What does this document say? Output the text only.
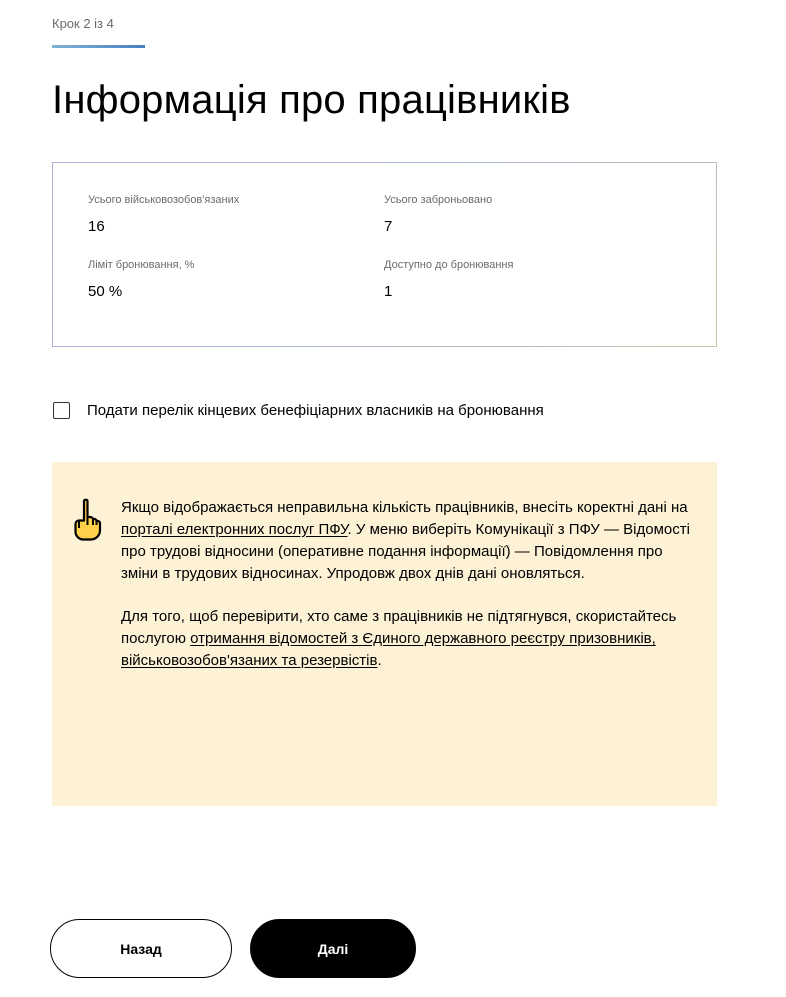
Крок 2 із 4
Інформація про працівників
Усього військовозобов'язаних
16
Усього заброньовано
7
Ліміт бронювання, %
50 %
Доступно до бронювання
1
Подати перелік кінцевих бенефіціарних власників на бронювання

Якщо відображається неправильна кількість працівників, внесіть коректні дані на порталі електронних послуг ПФУ. У меню виберіть Комунікації з ПФУ — Відомості про трудові відносини (оперативне подання інформації) — Повідомлення про зміни в трудових відносинах. Упродовж двох днів дані оновляться.

Для того, щоб перевірити, хто саме з працівників не підтягнувся, скористайтесь послугою отримання відомостей з Єдиного державного реєстру призовників, військовозобов'язаних та резервістів.

Назад	Далі
